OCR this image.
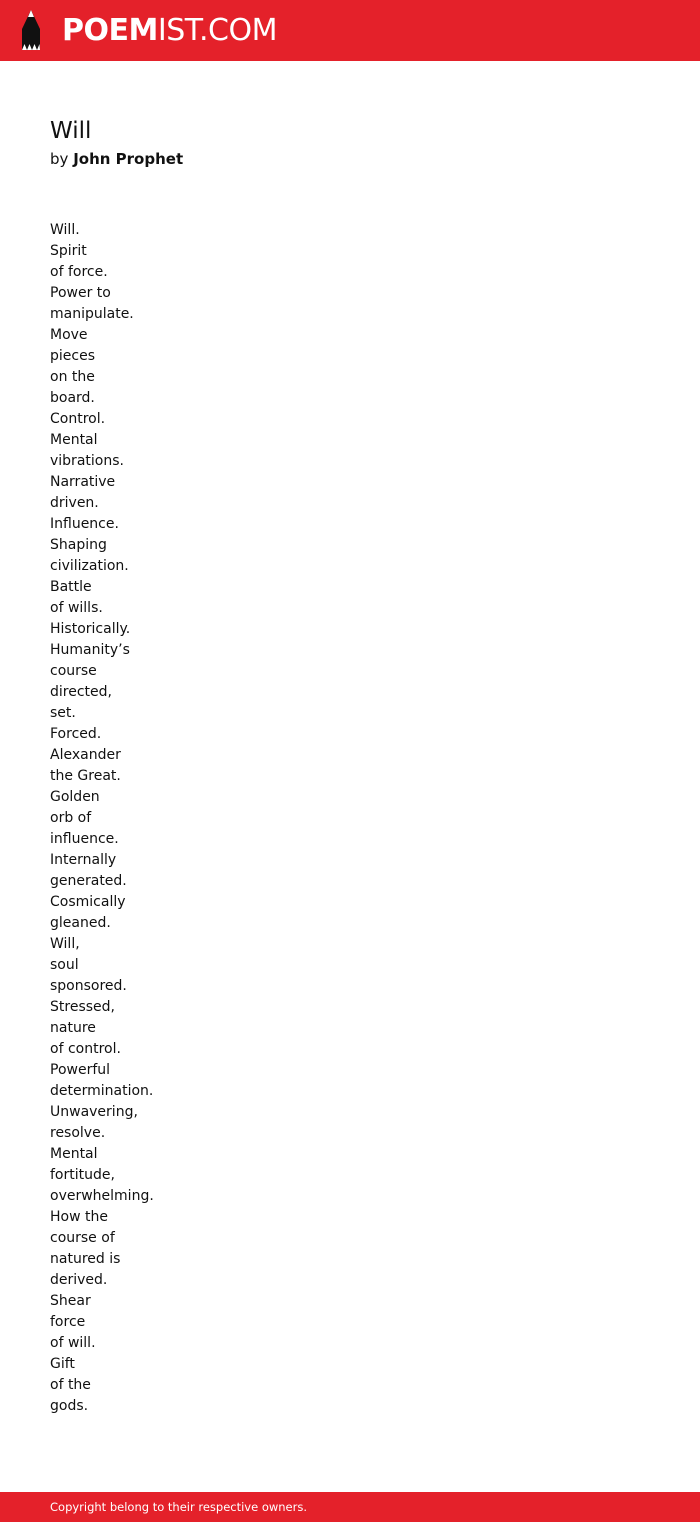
POEMIST.COM
Will
by John Prophet
Will.
Spirit
of force.
Power to
manipulate.
Move
pieces
on the
board.
Control.
Mental
vibrations.
Narrative
driven.
Influence.
Shaping
civilization.
Battle
of wills.
Historically.
Humanity’s
course
directed,
set.
Forced.
Alexander
the Great.
Golden
orb of
influence.
Internally
generated.
Cosmically
gleaned.
Will,
soul
sponsored.
Stressed,
nature
of control.
Powerful
determination.
Unwavering,
resolve.
Mental
fortitude,
overwhelming.
How the
course of
natured is
derived.
Shear
force
of will.
Gift
of the
gods.
Copyright belong to their respective owners.
